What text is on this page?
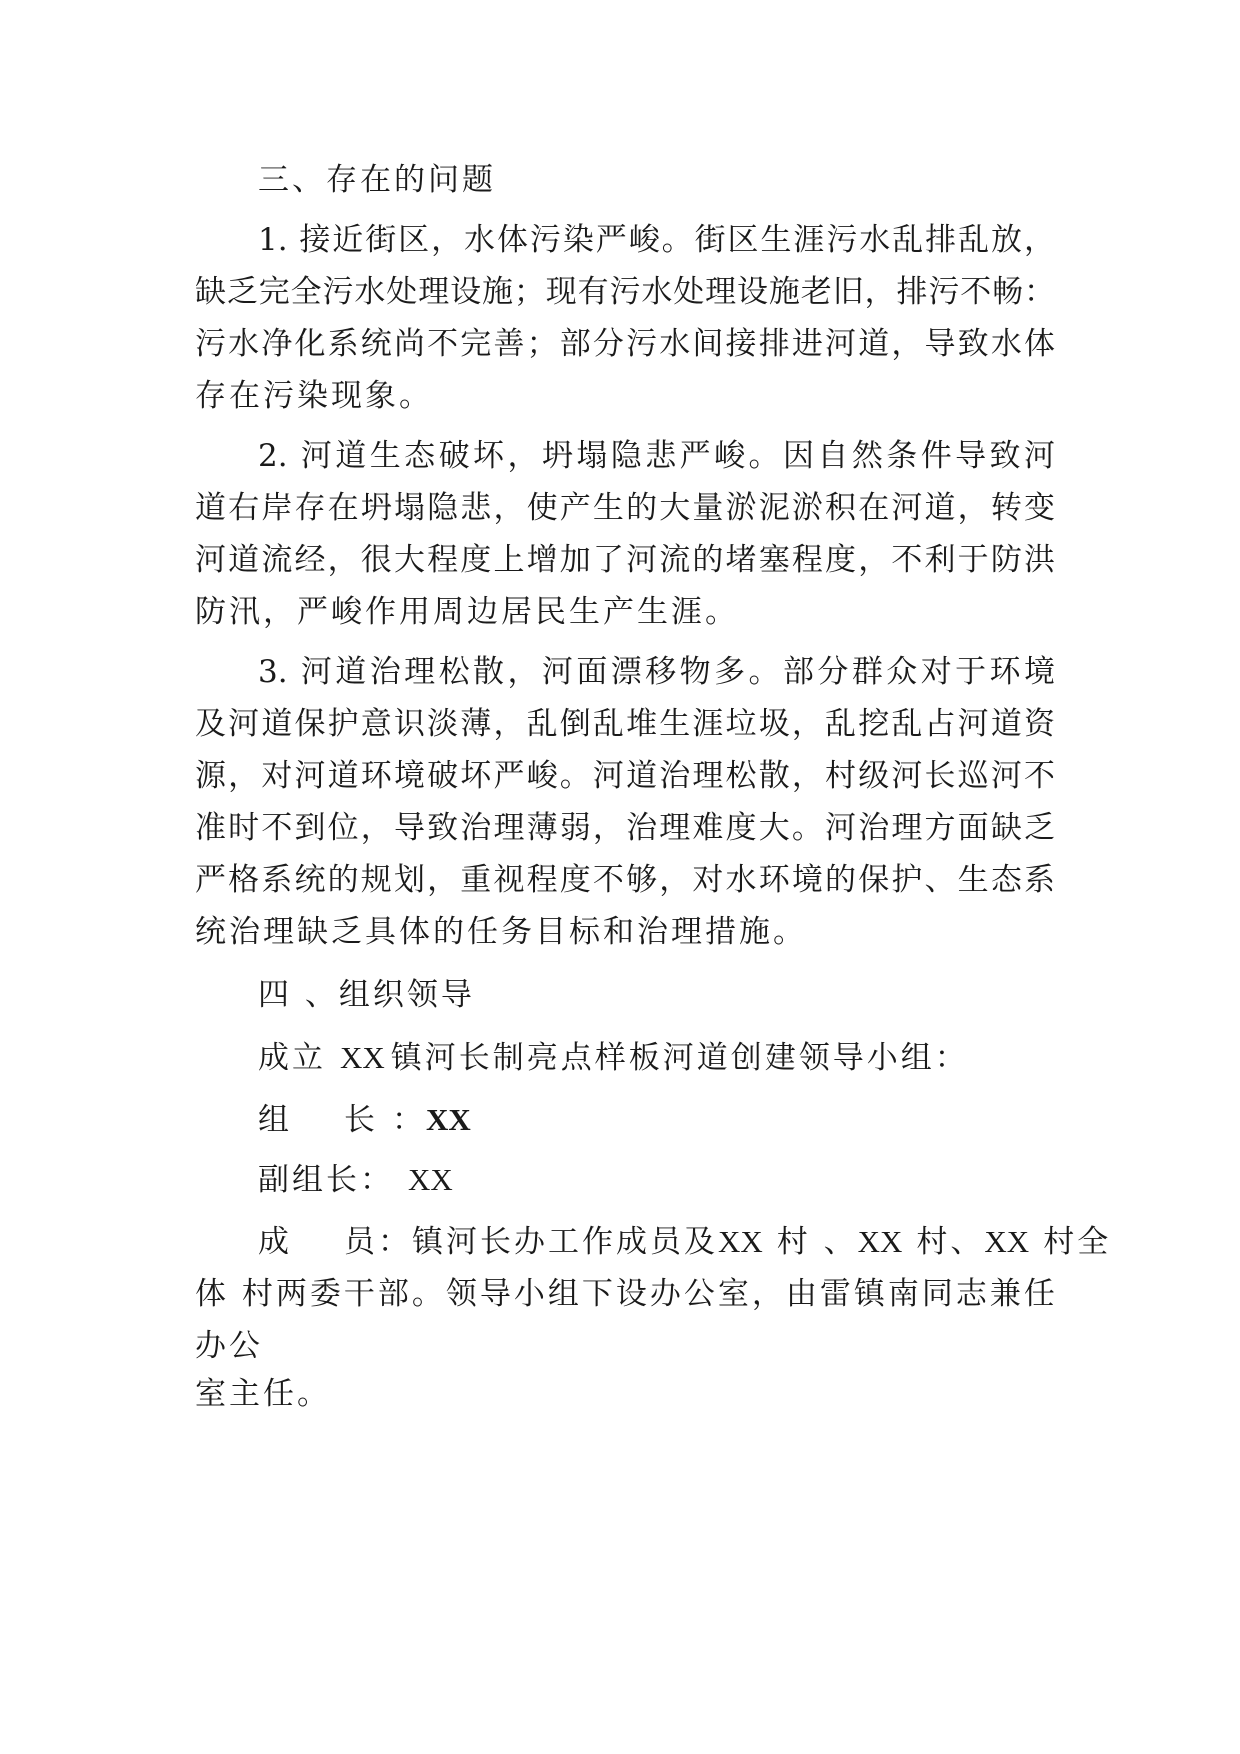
三、存在的问题
1. 接近街区，水体污染严峻。街区生涯污水乱排乱放，
缺乏完全污水处理设施；现有污水处理设施老旧，排污不畅：
污水净化系统尚不完善；部分污水间接排进河道，导致水体
存在污染现象。
2. 河道生态破坏，坍塌隐悲严峻。因自然条件导致河
道右岸存在坍塌隐悲，使产生的大量淤泥淤积在河道，转变
河道流经，很大程度上增加了河流的堵塞程度，不利于防洪
防汛，严峻作用周边居民生产生涯。
3. 河道治理松散，河面漂移物多。部分群众对于环境
及河道保护意识淡薄，乱倒乱堆生涯垃圾，乱挖乱占河道资
源，对河道环境破坏严峻。河道治理松散，村级河长巡河不
准时不到位，导致治理薄弱，治理难度大。河治理方面缺乏
严格系统的规划，重视程度不够，对水环境的保护、生态系
统治理缺乏具体的任务目标和治理措施。
四 、组织领导
成立 XX 镇河长制亮点样板河道创建领导小组：
组 长 ：XX
副组长： XX
成 员：镇河长办工作成员及XX 村 、XX 村、XX 村全
体 村两委干部。领导小组下设办公室，由雷镇南同志兼任
办公
室主任。
